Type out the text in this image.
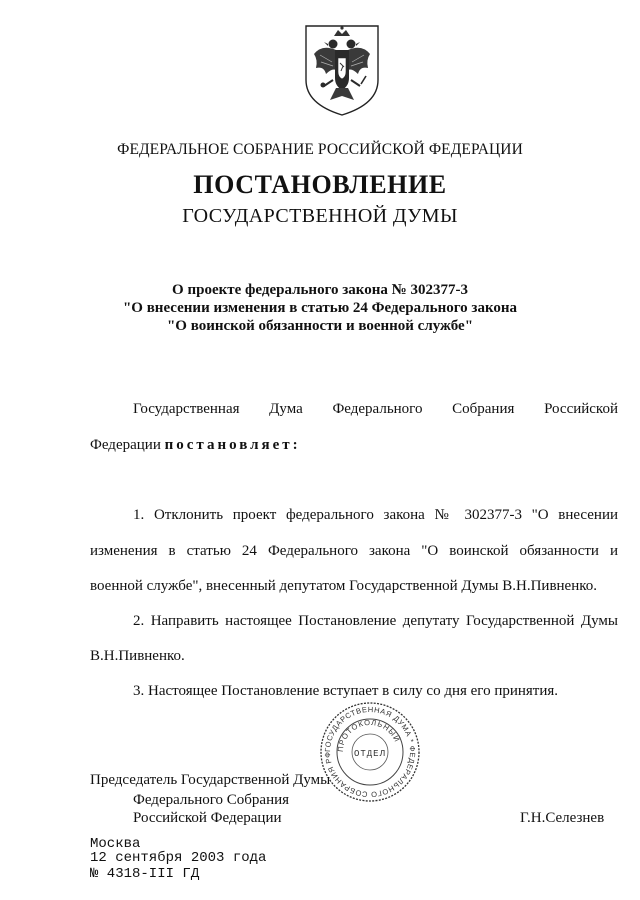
ФЕДЕРАЛЬНОЕ СОБРАНИЕ РОССИЙСКОЙ ФЕДЕРАЦИИ
ПОСТАНОВЛЕНИЕ
ГОСУДАРСТВЕННОЙ ДУМЫ
О проекте федерального закона № 302377-3
"О внесении изменения в статью 24 Федерального закона
"О воинской обязанности и военной службе"
Государственная Дума Федерального Собрания Российской
Федерации постановляет:
1. Отклонить проект федерального закона № 302377-3 "О внесении
изменения в статью 24 Федерального закона "О воинской обязанности и
военной службе", внесенный депутатом Государственной Думы В.Н.Пивненко.
2. Направить настоящее Постановление депутату Государственной Думы
В.Н.Пивненко.
3. Настоящее Постановление вступает в силу со дня его принятия.
ГОСУДАРСТВЕННАЯ ДУМА * ФЕДЕРАЛЬНОГО СОБРАНИЯ РФ
ПРОТОКОЛЬНЫЙ
ОТДЕЛ
Председатель Государственной Думы
Федерального Собрания
Российской Федерации	Г.Н.Селезнев
Москва
12 сентября 2003 года
№ 4318-III ГД
